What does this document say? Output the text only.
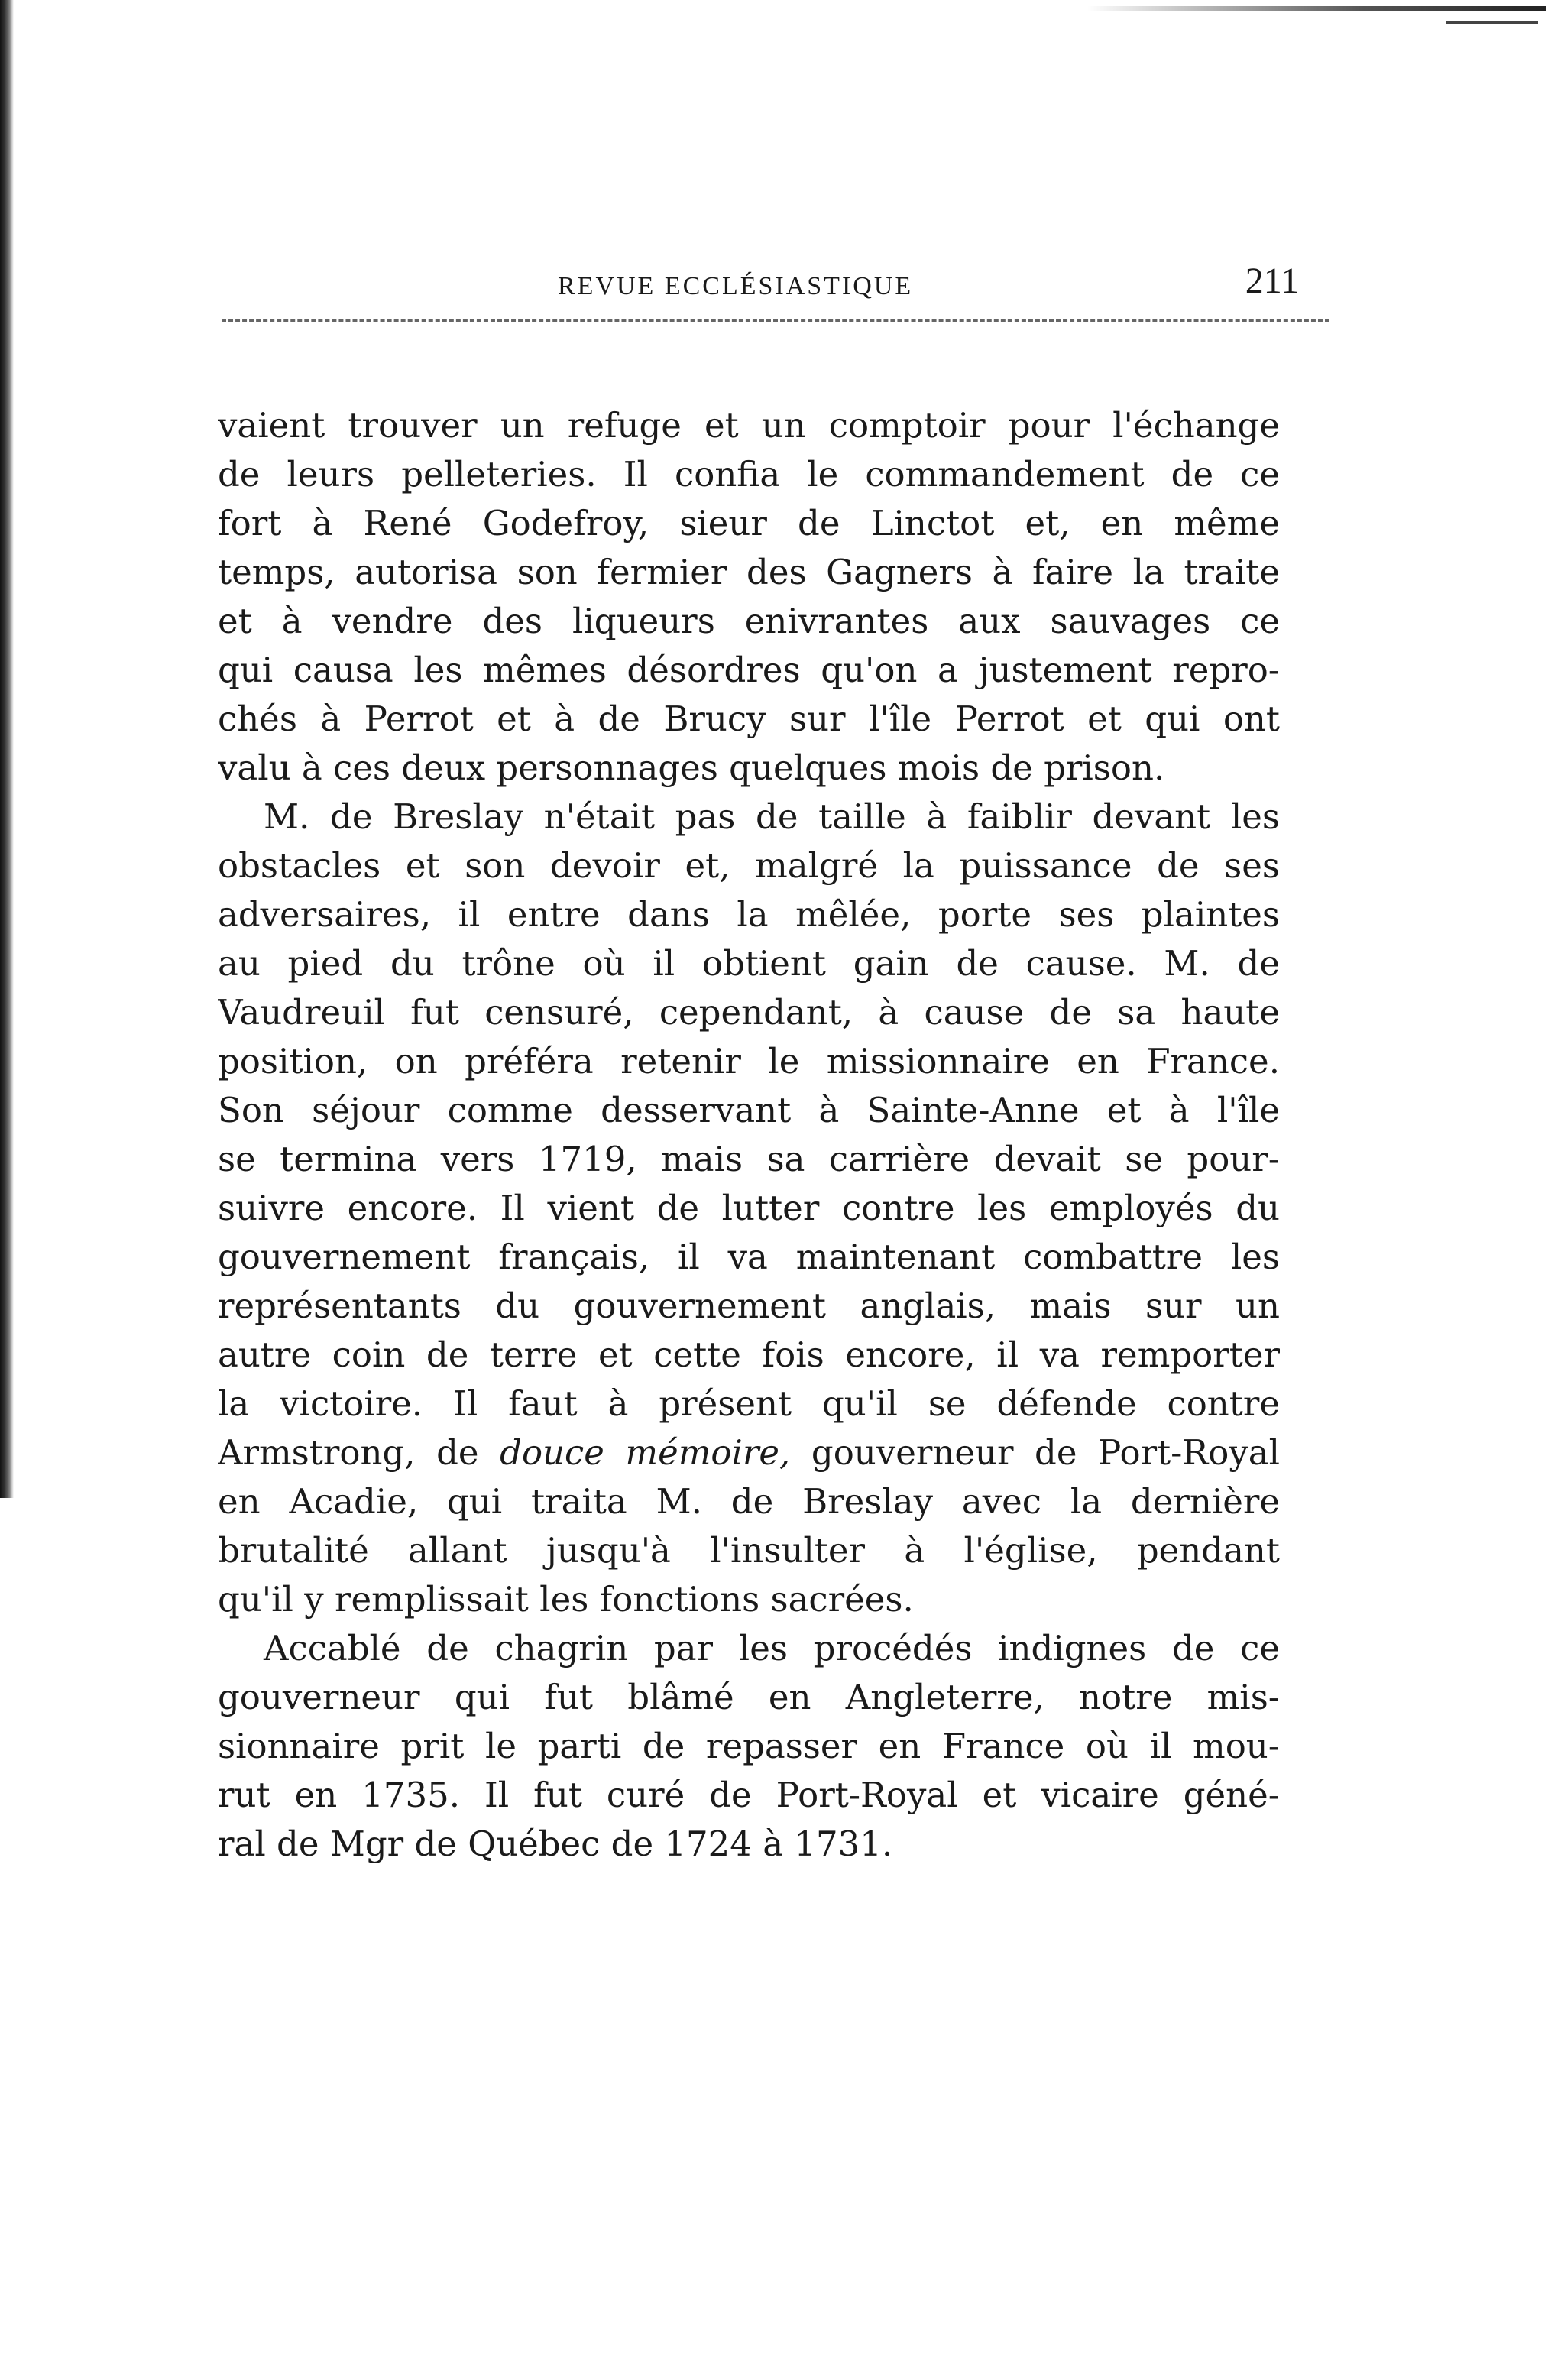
REVUE ECCLÉSIASTIQUE	211

vaient trouver un refuge et un comptoir pour l'échange
de leurs pelleteries. Il confia le commandement de ce
fort à René Godefroy, sieur de Linctot et, en même
temps, autorisa son fermier des Gagners à faire la traite
et à vendre des liqueurs enivrantes aux sauvages ce
qui causa les mêmes désordres qu'on a justement repro-
chés à Perrot et à de Brucy sur l'île Perrot et qui ont
valu à ces deux personnages quelques mois de prison.

M. de Breslay n'était pas de taille à faiblir devant les
obstacles et son devoir et, malgré la puissance de ses
adversaires, il entre dans la mêlée, porte ses plaintes
au pied du trône où il obtient gain de cause. M. de
Vaudreuil fut censuré, cependant, à cause de sa haute
position, on préféra retenir le missionnaire en France.
Son séjour comme desservant à Sainte-Anne et à l'île
se termina vers 1719, mais sa carrière devait se pour-
suivre encore. Il vient de lutter contre les employés du
gouvernement français, il va maintenant combattre les
représentants du gouvernement anglais, mais sur un
autre coin de terre et cette fois encore, il va remporter
la victoire. Il faut à présent qu'il se défende contre
Armstrong, de douce mémoire, gouverneur de Port-Royal
en Acadie, qui traita M. de Breslay avec la dernière
brutalité allant jusqu'à l'insulter à l'église, pendant
qu'il y remplissait les fonctions sacrées.

Accablé de chagrin par les procédés indignes de ce
gouverneur qui fut blâmé en Angleterre, notre mis-
sionnaire prit le parti de repasser en France où il mou-
rut en 1735. Il fut curé de Port-Royal et vicaire géné-
ral de Mgr de Québec de 1724 à 1731.
